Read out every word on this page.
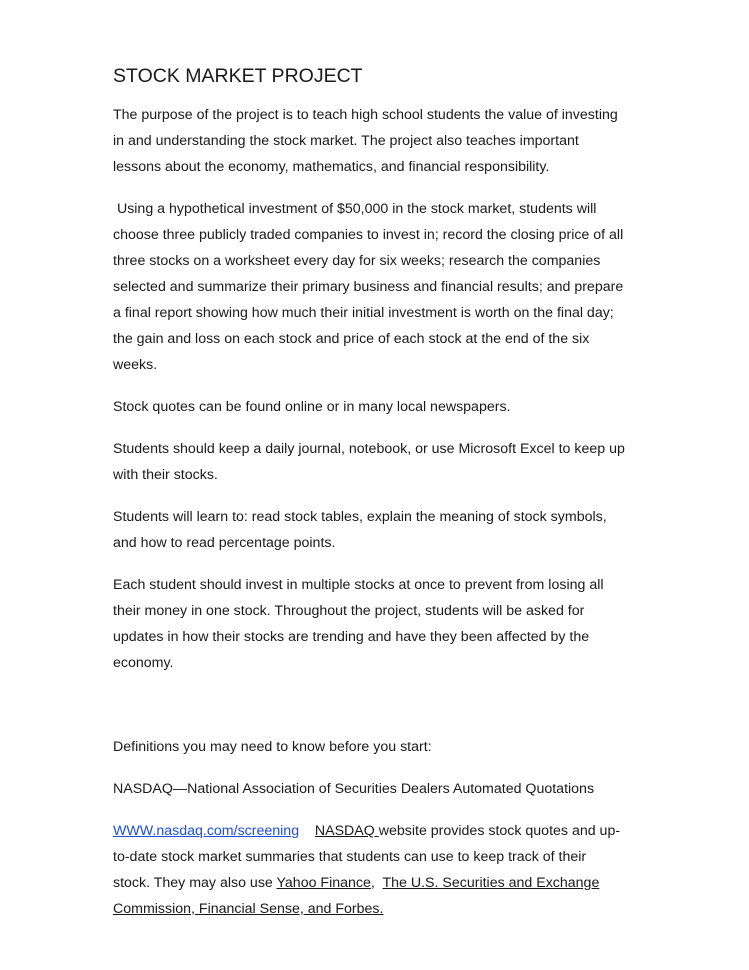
STOCK MARKET PROJECT

The purpose of the project is to teach high school students the value of investing
in and understanding the stock market. The project also teaches important
lessons about the economy, mathematics, and financial responsibility.

Using a hypothetical investment of $50,000 in the stock market, students will
choose three publicly traded companies to invest in; record the closing price of all
three stocks on a worksheet every day for six weeks; research the companies
selected and summarize their primary business and financial results; and prepare
a final report showing how much their initial investment is worth on the final day;
the gain and loss on each stock and price of each stock at the end of the six
weeks.

Stock quotes can be found online or in many local newspapers.

Students should keep a daily journal, notebook, or use Microsoft Excel to keep up
with their stocks.

Students will learn to: read stock tables, explain the meaning of stock symbols,
and how to read percentage points.

Each student should invest in multiple stocks at once to prevent from losing all
their money in one stock. Throughout the project, students will be asked for
updates in how their stocks are trending and have they been affected by the
economy.

Definitions you may need to know before you start:

NASDAQ—National Association of Securities Dealers Automated Quotations

WWW.nasdaq.com/screening NASDAQ website provides stock quotes and up-
to-date stock market summaries that students can use to keep track of their
stock. They may also use Yahoo Finance,  The U.S. Securities and Exchange
Commission, Financial Sense, and Forbes.
